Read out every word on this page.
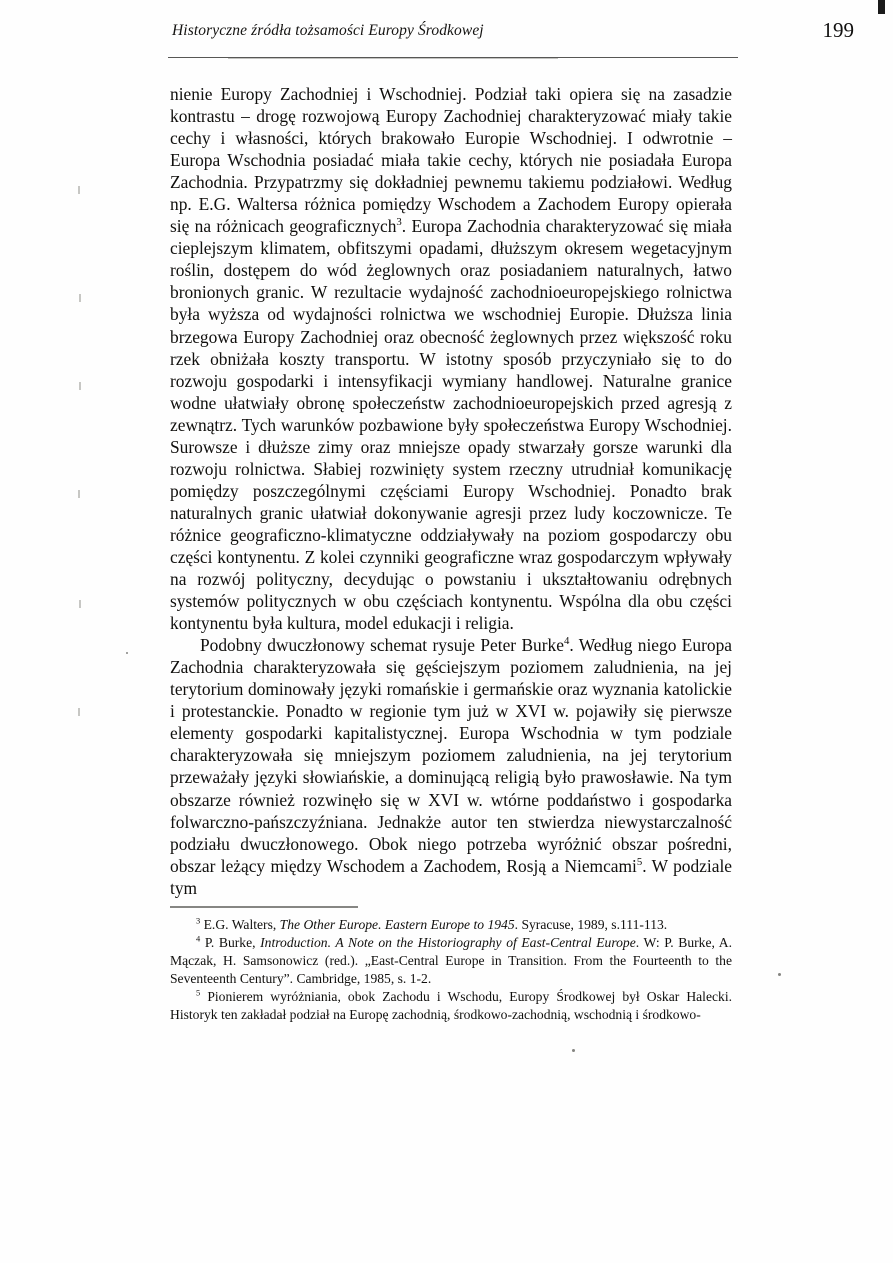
Historyczne źródła tożsamości Europy Środkowej	199

nienie Europy Zachodniej i Wschodniej. Podział taki opiera się na zasadzie kontrastu – drogę rozwojową Europy Zachodniej charakteryzować miały takie cechy i własności, których brakowało Europie Wschodniej. I odwrotnie – Europa Wschodnia posiadać miała takie cechy, których nie posiadała Europa Zachodnia. Przypatrzmy się dokładniej pewnemu takiemu podziałowi. Według np. E.G. Waltersa różnica pomiędzy Wschodem a Zachodem Europy opierała się na różnicach geograficznych$^3$. Europa Zachodnia charakteryzować się miała cieplejszym klimatem, obfitszymi opadami, dłuższym okresem wegetacyjnym roślin, dostępem do wód żeglownych oraz posiadaniem naturalnych, łatwo bronionych granic. W rezultacie wydajność zachodnioeuropejskiego rolnictwa była wyższa od wydajności rolnictwa we wschodniej Europie. Dłuższa linia brzegowa Europy Zachodniej oraz obecność żeglownych przez większość roku rzek obniżała koszty transportu. W istotny sposób przyczyniało się to do rozwoju gospodarki i intensyfikacji wymiany handlowej. Naturalne granice wodne ułatwiały obronę społeczeństw zachodnioeuropejskich przed agresją z zewnątrz. Tych warunków pozbawione były społeczeństwa Europy Wschodniej. Surowsze i dłuższe zimy oraz mniejsze opady stwarzały gorsze warunki dla rozwoju rolnictwa. Słabiej rozwinięty system rzeczny utrudniał komunikację pomiędzy poszczególnymi częściami Europy Wschodniej. Ponadto brak naturalnych granic ułatwiał dokonywanie agresji przez ludy koczownicze. Te różnice geograficzno-klimatyczne oddziaływały na poziom gospodarczy obu części kontynentu. Z kolei czynniki geograficzne wraz gospodarczym wpływały na rozwój polityczny, decydując o powstaniu i ukształtowaniu odrębnych systemów politycznych w obu częściach kontynentu. Wspólna dla obu części kontynentu była kultura, model edukacji i religia.

Podobny dwuczłonowy schemat rysuje Peter Burke$^4$. Według niego Europa Zachodnia charakteryzowała się gęściejszym poziomem zaludnienia, na jej terytorium dominowały języki romańskie i germańskie oraz wyznania katolickie i protestanckie. Ponadto w regionie tym już w XVI w. pojawiły się pierwsze elementy gospodarki kapitalistycznej. Europa Wschodnia w tym podziale charakteryzowała się mniejszym poziomem zaludnienia, na jej terytorium przeważały języki słowiańskie, a dominującą religią było prawosławie. Na tym obszarze również rozwinęło się w XVI w. wtórne poddaństwo i gospodarka folwarczno-pańszczyźniana. Jednakże autor ten stwierdza niewystarczalność podziału dwuczłonowego. Obok niego potrzeba wyróżnić obszar pośredni, obszar leżący między Wschodem a Zachodem, Rosją a Niemcami$^5$. W podziale tym

$^3$ E.G. Walters, The Other Europe. Eastern Europe to 1945. Syracuse, 1989, s.111-113.

$^4$ P. Burke, Introduction. A Note on the Historiography of East-Central Europe. W: P. Burke, A. Mączak, H. Samsonowicz (red.). „East-Central Europe in Transition. From the Fourteenth to the Seventeenth Century”. Cambridge, 1985, s. 1-2.

$^5$ Pionierem wyróżniania, obok Zachodu i Wschodu, Europy Środkowej był Oskar Halecki. Historyk ten zakładał podział na Europę zachodnią, środkowo-zachodnią, wschodnią i środkowo-
